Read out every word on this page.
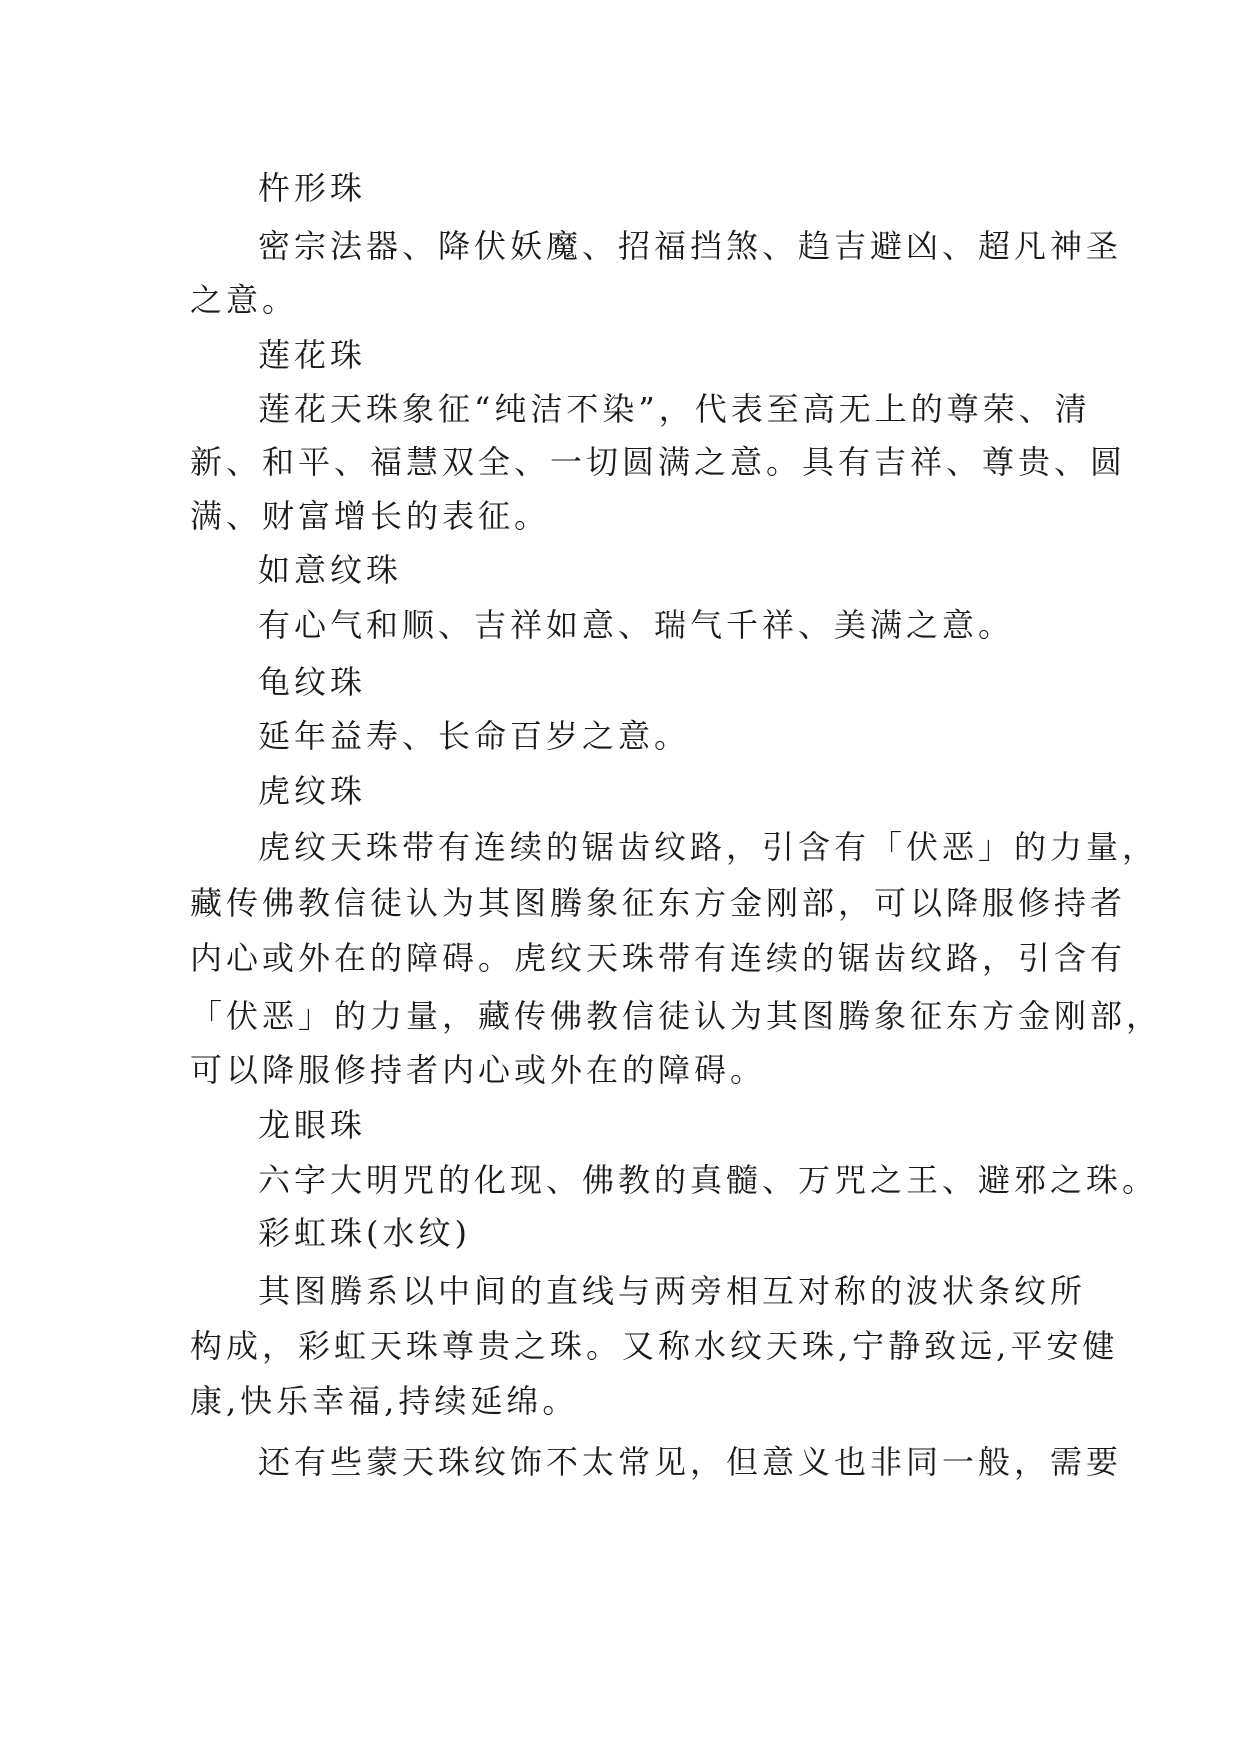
杵形珠
密宗法器、降伏妖魔、招福挡煞、趋吉避凶、超凡神圣
之意。
莲花珠
莲花天珠象征“纯洁不染”，代表至高无上的尊荣、清
新、和平、福慧双全、一切圆满之意。具有吉祥、尊贵、圆
满、财富增长的表征。
如意纹珠
有心气和顺、吉祥如意、瑞气千祥、美满之意。
龟纹珠
延年益寿、长命百岁之意。
虎纹珠
虎纹天珠带有连续的锯齿纹路，引含有「伏恶」的力量，
藏传佛教信徒认为其图腾象征东方金刚部，可以降服修持者
内心或外在的障碍。虎纹天珠带有连续的锯齿纹路，引含有
「伏恶」的力量，藏传佛教信徒认为其图腾象征东方金刚部，
可以降服修持者内心或外在的障碍。
龙眼珠
六字大明咒的化现、佛教的真髓、万咒之王、避邪之珠。
彩虹珠(水纹)
其图腾系以中间的直线与两旁相互对称的波状条纹所
构成，彩虹天珠尊贵之珠。又称水纹天珠,宁静致远,平安健
康,快乐幸福,持续延绵。
还有些蒙天珠纹饰不太常见，但意义也非同一般，需要
